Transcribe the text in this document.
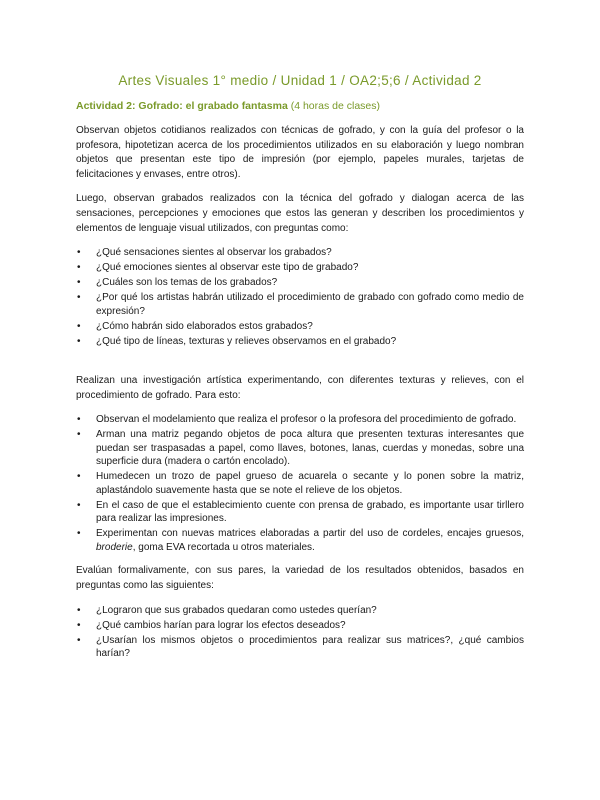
Artes Visuales 1° medio / Unidad 1 / OA2;5;6 / Actividad 2
Actividad 2: Gofrado: el grabado fantasma (4 horas de clases)

Observan objetos cotidianos realizados con técnicas de gofrado, y con la guía del profesor o la profesora, hipotetizan acerca de los procedimientos utilizados en su elaboración y luego nombran objetos que presentan este tipo de impresión (por ejemplo, papeles murales, tarjetas de felicitaciones y envases, entre otros).

Luego, observan grabados realizados con la técnica del gofrado y dialogan acerca de las sensaciones, percepciones y emociones que estos las generan y describen los procedimientos y elementos de lenguaje visual utilizados, con preguntas como:

• ¿Qué sensaciones sientes al observar los grabados?
• ¿Qué emociones sientes al observar este tipo de grabado?
• ¿Cuáles son los temas de los grabados?
• ¿Por qué los artistas habrán utilizado el procedimiento de grabado con gofrado como medio de expresión?
• ¿Cómo habrán sido elaborados estos grabados?
• ¿Qué tipo de líneas, texturas y relieves observamos en el grabado?

Realizan una investigación artística experimentando, con diferentes texturas y relieves, con el procedimiento de gofrado. Para esto:

• Observan el modelamiento que realiza el profesor o la profesora del procedimiento de gofrado.
• Arman una matriz pegando objetos de poca altura que presenten texturas interesantes que puedan ser traspasadas a papel, como llaves, botones, lanas, cuerdas y monedas, sobre una superficie dura (madera o cartón encolado).
• Humedecen un trozo de papel grueso de acuarela o secante y lo ponen sobre la matriz, aplastándolo suavemente hasta que se note el relieve de los objetos.
• En el caso de que el establecimiento cuente con prensa de grabado, es importante usar tirllero para realizar las impresiones.
• Experimentan con nuevas matrices elaboradas a partir del uso de cordeles, encajes gruesos, broderie, goma EVA recortada u otros materiales.

Evalúan formalivamente, con sus pares, la variedad de los resultados obtenidos, basados en preguntas como las siguientes:

• ¿Lograron que sus grabados quedaran como ustedes querían?
• ¿Qué cambios harían para lograr los efectos deseados?
• ¿Usarían los mismos objetos o procedimientos para realizar sus matrices?, ¿qué cambios harían?
